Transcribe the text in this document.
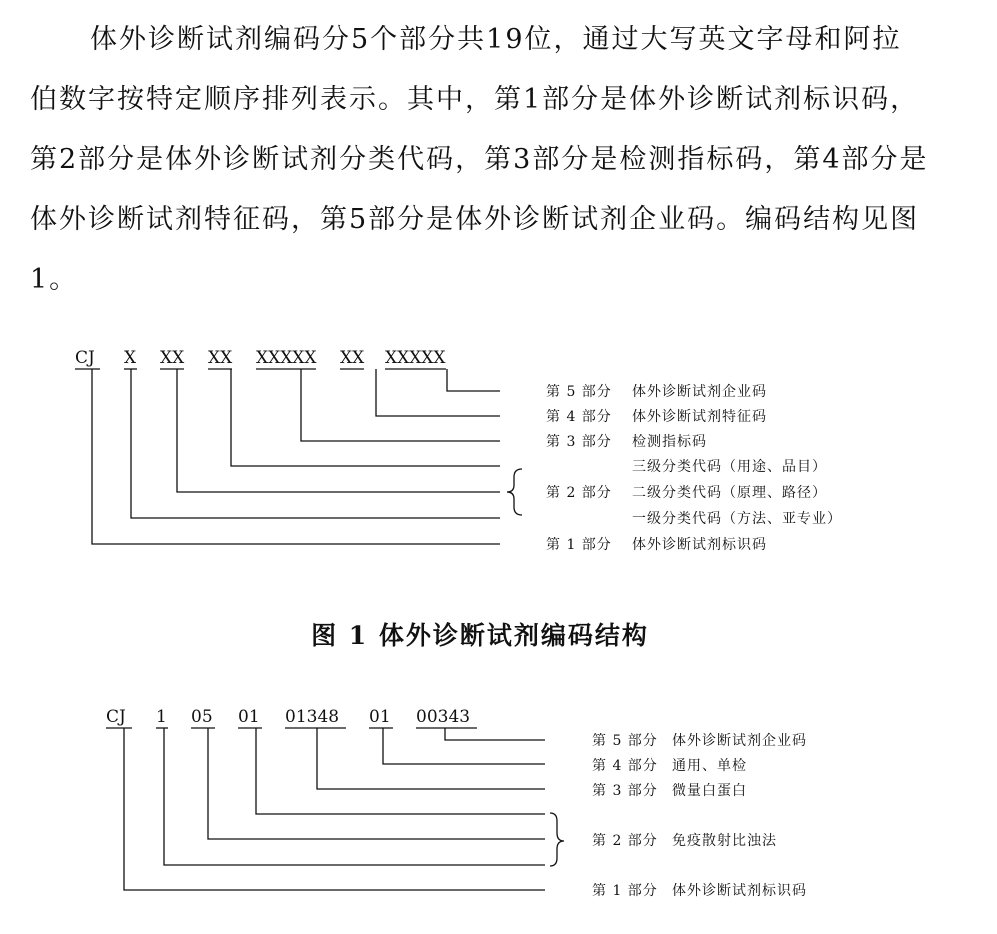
体外诊断试剂编码分5个部分共19位，通过大写英文字母和阿拉伯数字按特定顺序排列表示。其中，第1部分是体外诊断试剂标识码，第2部分是体外诊断试剂分类代码，第3部分是检测指标码，第4部分是体外诊断试剂特征码，第5部分是体外诊断试剂企业码。编码结构见图1。

CJ X XX XX XXXXX XX XXXXX
第 5 部分 体外诊断试剂企业码
第 4 部分 体外诊断试剂特征码
第 3 部分 检测指标码
三级分类代码（用途、品目）
第 2 部分 二级分类代码（原理、路径）
一级分类代码（方法、亚专业）
第 1 部分 体外诊断试剂标识码
图 1 体外诊断试剂编码结构
CJ 1 05 01 01348 01 00343
第 5 部分 体外诊断试剂企业码
第 4 部分 通用、单检
第 3 部分 微量白蛋白
第 2 部分 免疫散射比浊法
第 1 部分 体外诊断试剂标识码
